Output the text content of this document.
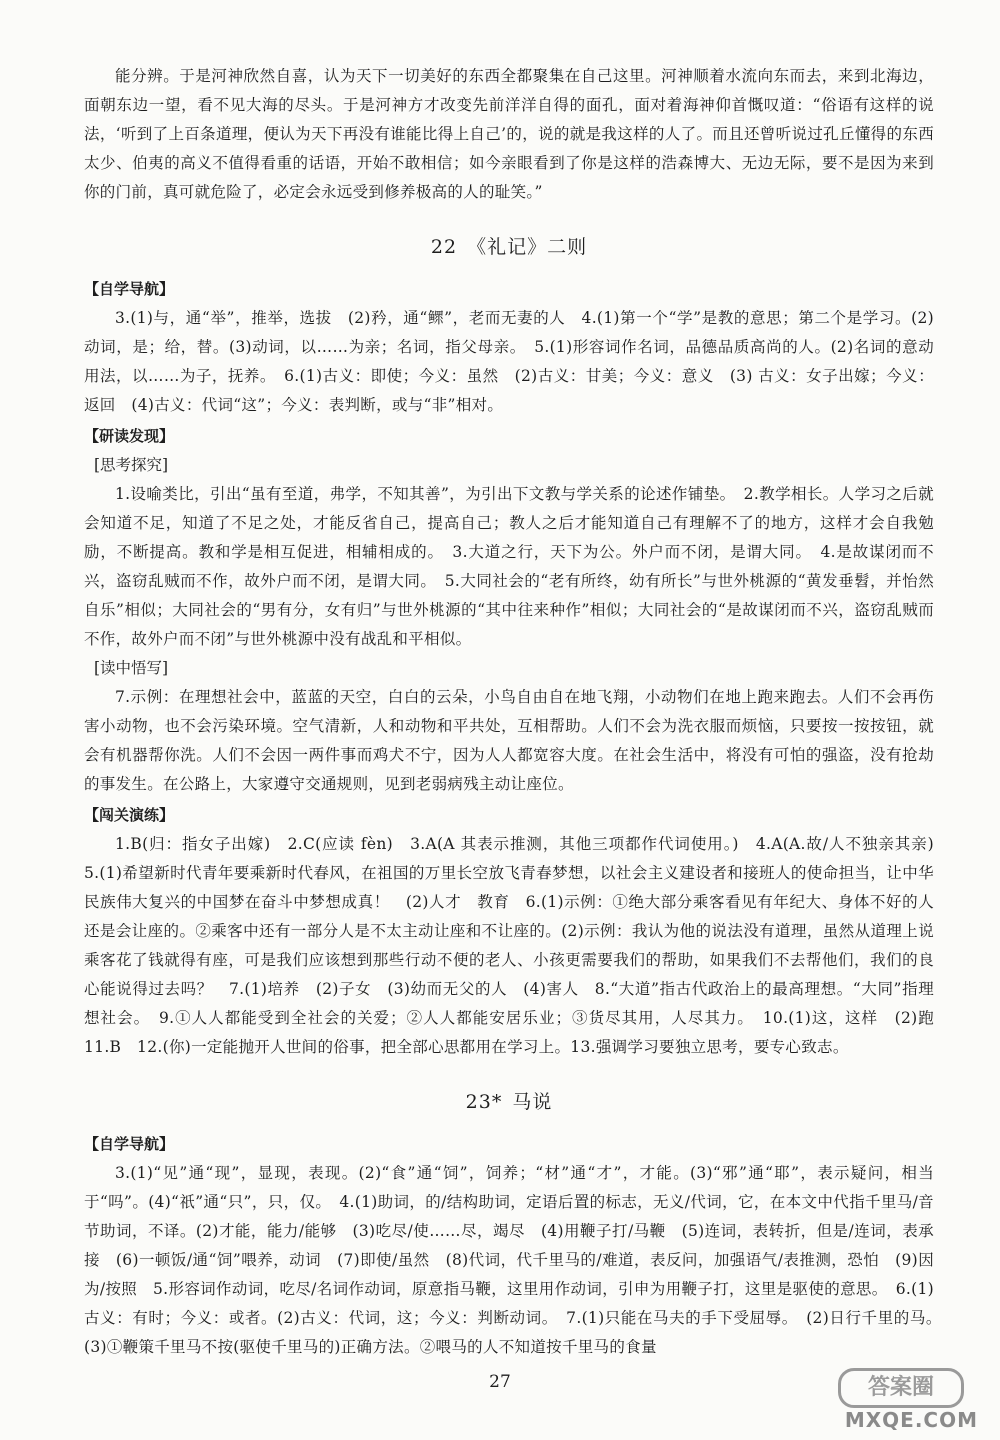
能分辨。于是河神欣然自喜，认为天下一切美好的东西全都聚集在自己这里。河神顺着水流向东而去，来到北海边，面朝东边一望，看不见大海的尽头。于是河神方才改变先前洋洋自得的面孔，面对着海神仰首慨叹道：“俗语有这样的说法，‘听到了上百条道理，便认为天下再没有谁能比得上自己’的，说的就是我这样的人了。而且还曾听说过孔丘懂得的东西太少、伯夷的高义不值得看重的话语，开始不敢相信；如今亲眼看到了你是这样的浩森博大、无边无际，要不是因为来到你的门前，真可就危险了，必定会永远受到修养极高的人的耻笑。”

22 《礼记》二则
【自学导航】

3.(1)与，通“举”，推举，选拔　(2)矜，通“鳏”，老而无妻的人　4.(1)第一个“学”是教的意思；第二个是学习。(2)动词，是；给，替。(3)动词，以……为亲；名词，指父母亲。　5.(1)形容词作名词，品德品质高尚的人。(2)名词的意动用法，以……为子，抚养。　6.(1)古义：即使；今义：虽然　(2)古义：甘美；今义：意义　(3) 古义：女子出嫁；今义：返回　(4)古义：代词“这”；今义：表判断，或与“非”相对。

【研读发现】
[思考探究]

1.设喻类比，引出“虽有至道，弗学，不知其善”，为引出下文教与学关系的论述作铺垫。　2.教学相长。人学习之后就会知道不足，知道了不足之处，才能反省自己，提高自己；教人之后才能知道自己有理解不了的地方，这样才会自我勉励，不断提高。教和学是相互促进，相辅相成的。　3.大道之行，天下为公。外户而不闭，是谓大同。　4.是故谋闭而不兴，盗窃乱贼而不作，故外户而不闭，是谓大同。　5.大同社会的“老有所终，幼有所长”与世外桃源的“黄发垂髫，并怡然自乐”相似；大同社会的“男有分，女有归”与世外桃源的“其中往来种作”相似；大同社会的“是故谋闭而不兴，盗窃乱贼而不作，故外户而不闭”与世外桃源中没有战乱和平相似。

[读中悟写]

7.示例：在理想社会中，蓝蓝的天空，白白的云朵，小鸟自由自在地飞翔，小动物们在地上跑来跑去。人们不会再伤害小动物，也不会污染环境。空气清新，人和动物和平共处，互相帮助。人们不会为洗衣服而烦恼，只要按一按按钮，就会有机器帮你洗。人们不会因一两件事而鸡犬不宁，因为人人都宽容大度。在社会生活中，将没有可怕的强盗，没有抢劫的事发生。在公路上，大家遵守交通规则，见到老弱病残主动让座位。

【闯关演练】

1.B(归：指女子出嫁)　2.C(应读 fèn)　3.A(A 其表示推测，其他三项都作代词使用。)　4.A(A.故/人不独亲其亲)　5.(1)希望新时代青年要乘新时代春风，在祖国的万里长空放飞青春梦想，以社会主义建设者和接班人的使命担当，让中华民族伟大复兴的中国梦在奋斗中梦想成真！　(2)人才　教育　6.(1)示例：①绝大部分乘客看见有年纪大、身体不好的人还是会让座的。②乘客中还有一部分人是不太主动让座和不让座的。(2)示例：我认为他的说法没有道理，虽然从道理上说乘客花了钱就得有座，可是我们应该想到那些行动不便的老人、小孩更需要我们的帮助，如果我们不去帮他们，我们的良心能说得过去吗？　7.(1)培养　(2)子女　(3)幼而无父的人　(4)害人　8.“大道”指古代政治上的最高理想。“大同”指理想社会。　9.①人人都能受到全社会的关爱；②人人都能安居乐业；③货尽其用，人尽其力。　10.(1)这，这样　(2)跑　11.B　12.(你)一定能抛开人世间的俗事，把全部心思都用在学习上。13.强调学习要独立思考，要专心致志。

23* 马说
【自学导航】

3.(1)“见”通“现”，显现，表现。(2)“食”通“饲”，饲养；“材”通“才”，才能。(3)“邪”通“耶”，表示疑问，相当于“吗”。(4)“祇”通“只”，只，仅。　4.(1)助词，的/结构助词，定语后置的标志，无义/代词，它，在本文中代指千里马/音节助词，不译。(2)才能，能力/能够　(3)吃尽/使……尽，竭尽　(4)用鞭子打/马鞭　(5)连词，表转折，但是/连词，表承接　(6)一顿饭/通“饲”喂养，动词　(7)即使/虽然　(8)代词，代千里马的/难道，表反问，加强语气/表推测，恐怕　(9)因为/按照　5.形容词作动词，吃尽/名词作动词，原意指马鞭，这里用作动词，引申为用鞭子打，这里是驱使的意思。　6.(1)古义：有时；今义：或者。(2)古义：代词，这；今义：判断动词。　7.(1)只能在马夫的手下受屈辱。　(2)日行千里的马。　(3)①鞭策千里马不按(驱使千里马的)正确方法。②喂马的人不知道按千里马的食量

27	答案圈
MXQE.COM
